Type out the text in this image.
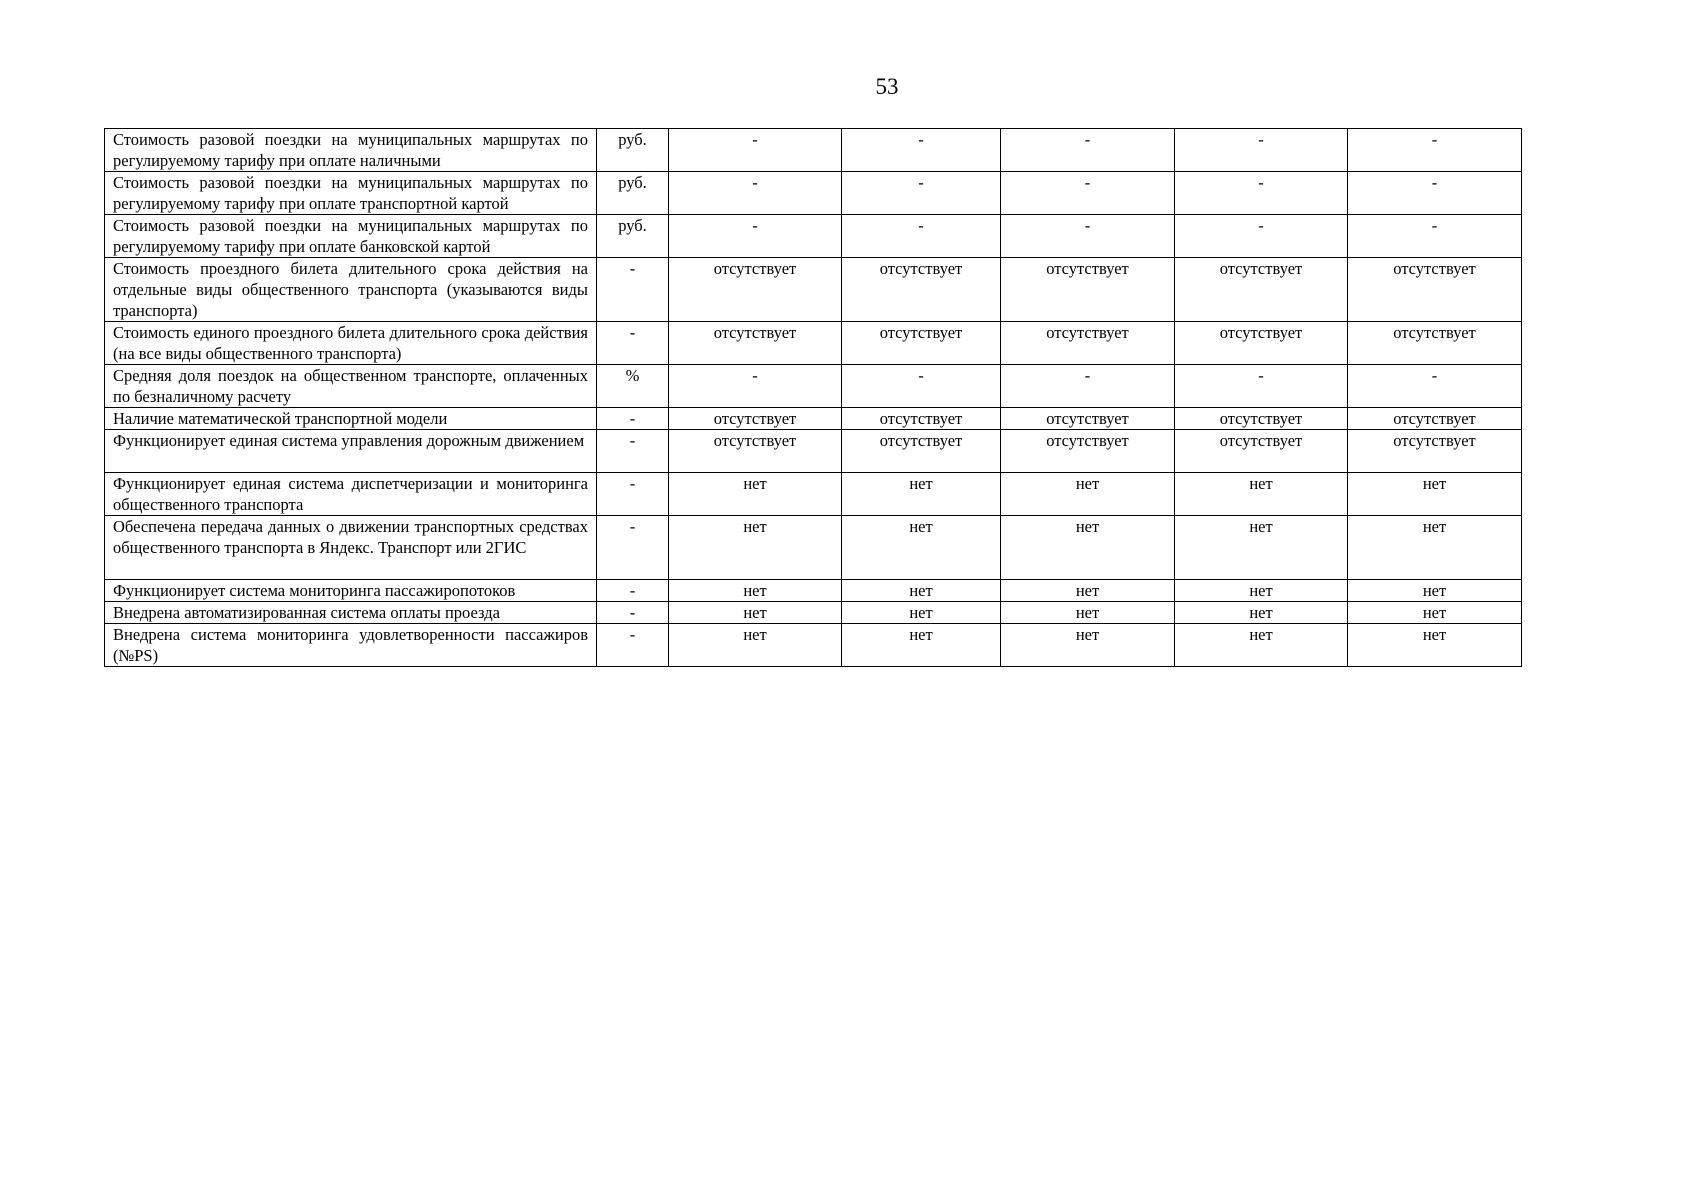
53
Стоимость разовой поездки на муниципальных маршрутах по регулируемому тарифу при оплате наличными	руб.	-	-	-	-	-
Стоимость разовой поездки на муниципальных маршрутах по регулируемому тарифу при оплате транспортной картой	руб.	-	-	-	-	-
Стоимость разовой поездки на муниципальных маршрутах по регулируемому тарифу при оплате банковской картой	руб.	-	-	-	-	-
Стоимость проездного билета длительного срока действия на отдельные виды общественного транспорта (указываются виды транспорта)	-	отсутствует	отсутствует	отсутствует	отсутствует	отсутствует
Стоимость единого проездного билета длительного срока действия (на все виды общественного транспорта)	-	отсутствует	отсутствует	отсутствует	отсутствует	отсутствует
Средняя доля поездок на общественном транспорте, оплаченных по безналичному расчету	%	-	-	-	-	-
Наличие математической транспортной модели	-	отсутствует	отсутствует	отсутствует	отсутствует	отсутствует
Функционирует единая система управления дорожным движением	-	отсутствует	отсутствует	отсутствует	отсутствует	отсутствует
Функционирует единая система диспетчеризации и мониторинга общественного транспорта	-	нет	нет	нет	нет	нет
Обеспечена передача данных о движении транспортных средствах общественного транспорта в Яндекс. Транспорт или 2ГИС	-	нет	нет	нет	нет	нет
Функционирует система мониторинга пассажиропотоков	-	нет	нет	нет	нет	нет
Внедрена автоматизированная система оплаты проезда	-	нет	нет	нет	нет	нет
Внедрена система мониторинга удовлетворенности пассажиров (№PS)	-	нет	нет	нет	нет	нет
